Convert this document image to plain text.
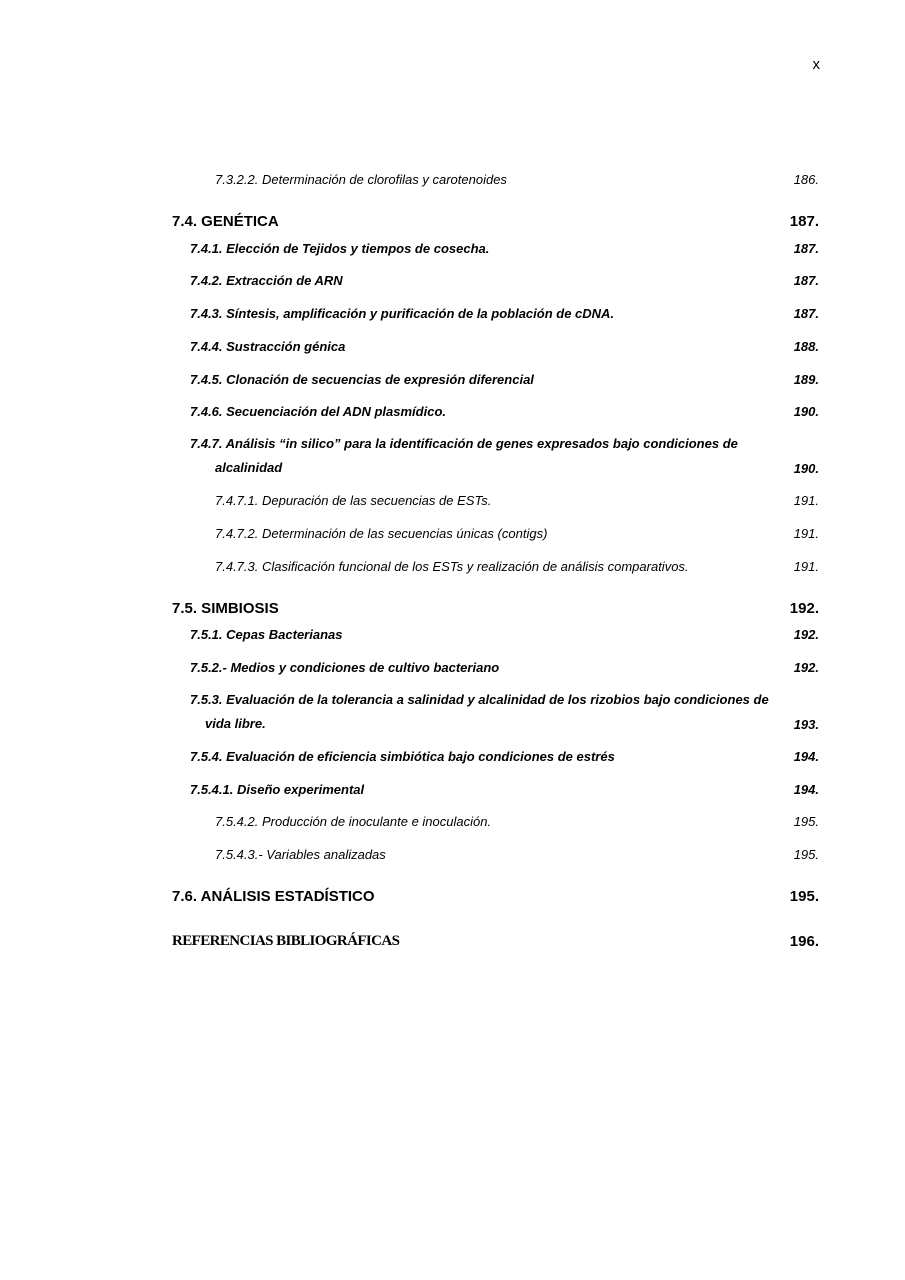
x
7.3.2.2. Determinación de clorofilas y carotenoides	186.
7.4. GENÉTICA	187.
7.4.1. Elección de Tejidos y tiempos de cosecha.	187.
7.4.2. Extracción de ARN	187.
7.4.3. Síntesis, amplificación y purificación de la población de cDNA.	187.
7.4.4. Sustracción génica	188.
7.4.5. Clonación de secuencias de expresión diferencial	189.
7.4.6. Secuenciación del ADN plasmídico.	190.
7.4.7. Análisis “in silico” para la identificación de genes expresados bajo condiciones de
alcalinidad	190.
7.4.7.1. Depuración de las secuencias de ESTs.	191.
7.4.7.2. Determinación de las secuencias únicas (contigs)	191.
7.4.7.3. Clasificación funcional de los ESTs y realización de análisis comparativos.	191.
7.5. SIMBIOSIS	192.
7.5.1. Cepas Bacterianas	192.
7.5.2.- Medios y condiciones de cultivo bacteriano	192.
7.5.3. Evaluación de la tolerancia a salinidad y alcalinidad de los rizobios bajo condiciones de
vida libre.	193.
7.5.4. Evaluación de eficiencia simbiótica bajo condiciones de estrés	194.
7.5.4.1. Diseño experimental	194.
7.5.4.2. Producción de inoculante e inoculación.	195.
7.5.4.3.- Variables analizadas	195.
7.6. ANÁLISIS ESTADÍSTICO	195.
REFERENCIAS BIBLIOGRÁFICAS	196.
